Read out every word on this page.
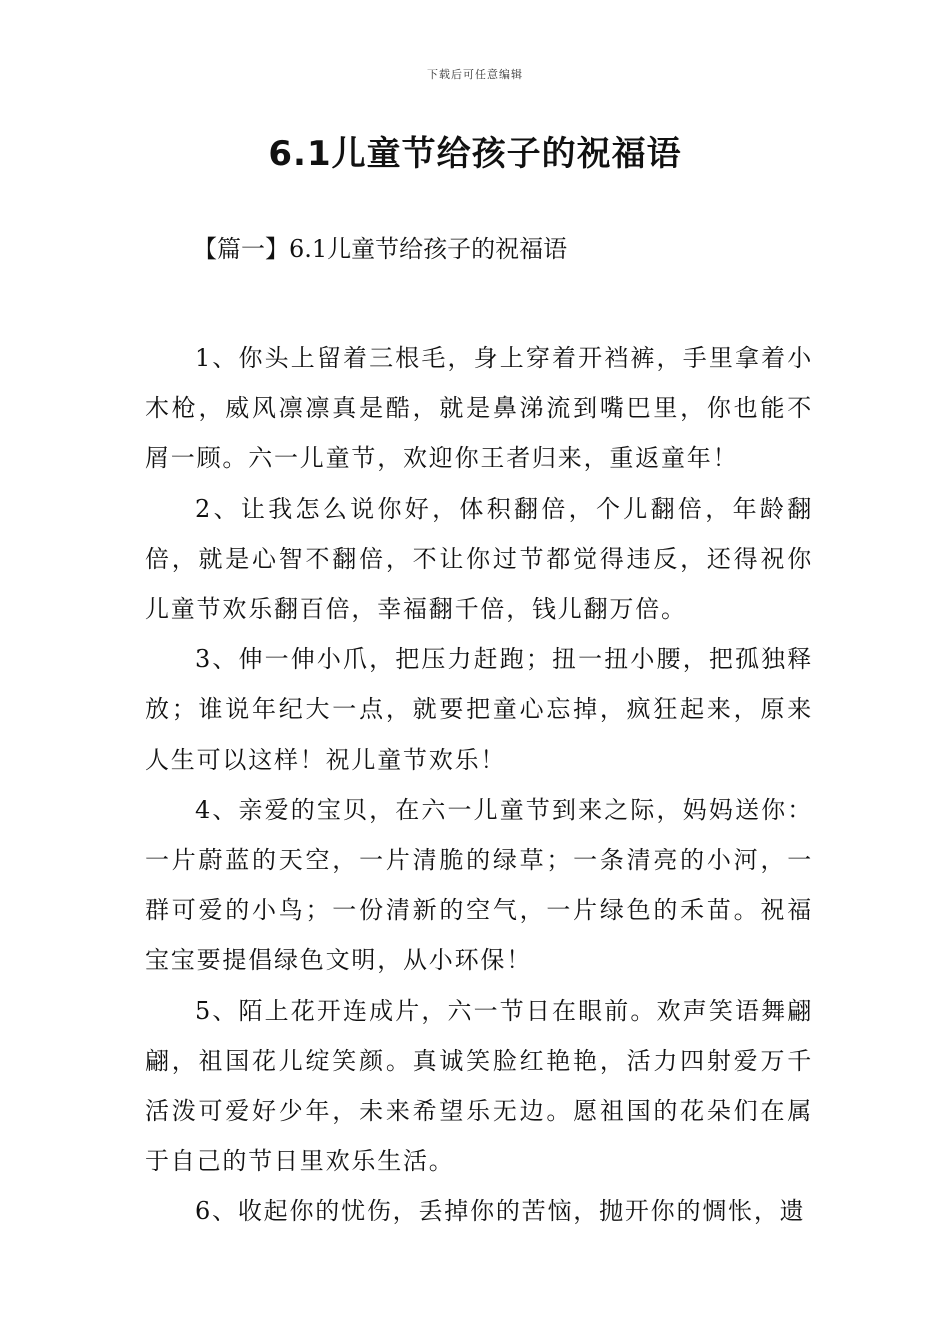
下载后可任意编辑
6.1儿童节给孩子的祝福语
【篇一】6.1儿童节给孩子的祝福语

1、你头上留着三根毛，身上穿着开裆裤，手里拿着小木枪，威风凛凛真是酷，就是鼻涕流到嘴巴里，你也能不屑一顾。六一儿童节，欢迎你王者归来，重返童年！

2、让我怎么说你好，体积翻倍，个儿翻倍，年龄翻倍，就是心智不翻倍，不让你过节都觉得违反，还得祝你儿童节欢乐翻百倍，幸福翻千倍，钱儿翻万倍。

3、伸一伸小爪，把压力赶跑；扭一扭小腰，把孤独释放；谁说年纪大一点，就要把童心忘掉，疯狂起来，原来人生可以这样！祝儿童节欢乐！

4、亲爱的宝贝，在六一儿童节到来之际，妈妈送你：一片蔚蓝的天空，一片清脆的绿草；一条清亮的小河，一群可爱的小鸟；一份清新的空气，一片绿色的禾苗。祝福宝宝要提倡绿色文明，从小环保！

5、陌上花开连成片，六一节日在眼前。欢声笑语舞翩翩，祖国花儿绽笑颜。真诚笑脸红艳艳，活力四射爱万千活泼可爱好少年，未来希望乐无边。愿祖国的花朵们在属于自己的节日里欢乐生活。

6、收起你的忧伤，丢掉你的苦恼，抛开你的惆怅，遗
